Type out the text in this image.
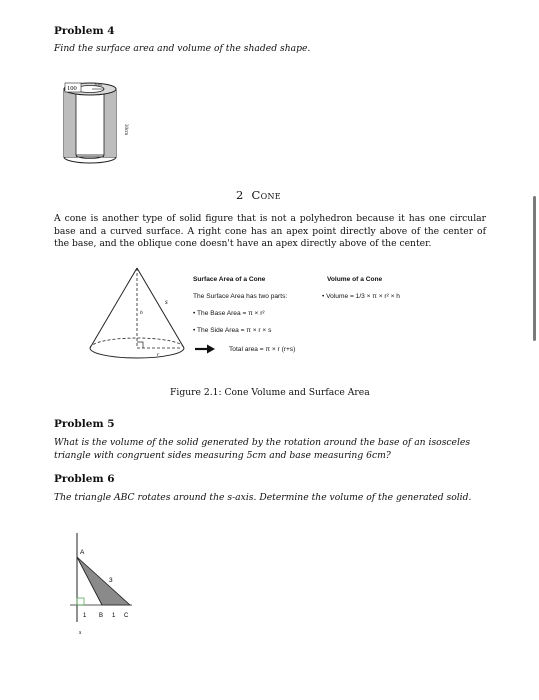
Problem 4
Find the surface area and volume of the shaded shape.
100
2cm
30cm
2 Cone
A cone is another type of solid figure that is not a polyhedron because it has one circular base and a curved surface. A right cone has an apex point directly above of the center of the base, and the oblique cone doesn't have an apex directly above of the center.
s
h
r
Surface Area of a Cone
The Surface Area has two parts:
• The Base Area = π × r²
• The Side Area = π × r × s
Total area = π × r (r+s)
Volume of a Cone
• Volume = 1/3 × π × r² × h
Figure 2.1: Cone Volume and Surface Area
Problem 5
What is the volume of the solid generated by the rotation around the base of an isosceles triangle with congruent sides measuring 5cm and base measuring 6cm?
Problem 6
The triangle ABC rotates around the s-axis. Determine the volume of the generated solid.
A
3
1 B 1 C
s
